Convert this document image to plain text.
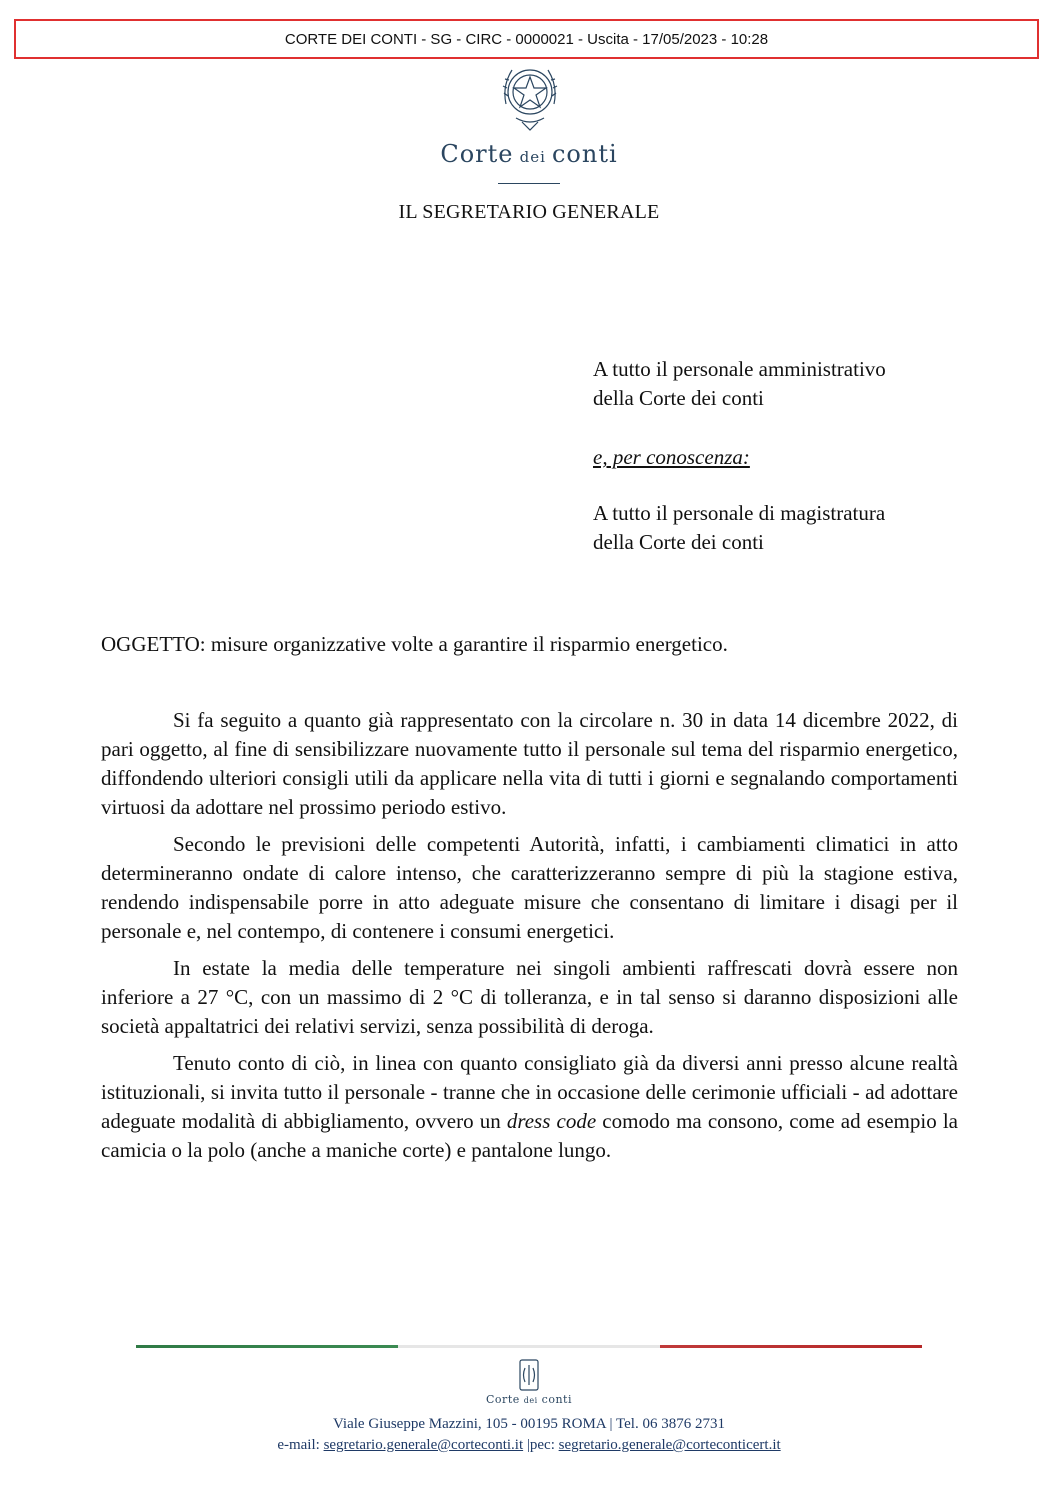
CORTE DEI CONTI - SG - CIRC - 0000021 - Uscita - 17/05/2023 - 10:28
Corte dei conti
IL SEGRETARIO GENERALE
A tutto il personale amministrativo
della Corte dei conti
e, per conoscenza:
A tutto il personale di magistratura
della Corte dei conti
OGGETTO: misure organizzative volte a garantire il risparmio energetico.

Si fa seguito a quanto già rappresentato con la circolare n. 30 in data 14 dicembre 2022, di pari oggetto, al fine di sensibilizzare nuovamente tutto il personale sul tema del risparmio energetico, diffondendo ulteriori consigli utili da applicare nella vita di tutti i giorni e segnalando comportamenti virtuosi da adottare nel prossimo periodo estivo.

Secondo le previsioni delle competenti Autorità, infatti, i cambiamenti climatici in atto determineranno ondate di calore intenso, che caratterizzeranno sempre di più la stagione estiva, rendendo indispensabile porre in atto adeguate misure che consentano di limitare i disagi per il personale e, nel contempo, di contenere i consumi energetici.

In estate la media delle temperature nei singoli ambienti raffrescati dovrà essere non inferiore a 27 °C, con un massimo di 2 °C di tolleranza, e in tal senso si daranno disposizioni alle società appaltatrici dei relativi servizi, senza possibilità di deroga.

Tenuto conto di ciò, in linea con quanto consigliato già da diversi anni presso alcune realtà istituzionali, si invita tutto il personale - tranne che in occasione delle cerimonie ufficiali - ad adottare adeguate modalità di abbigliamento, ovvero un dress code comodo ma consono, come ad esempio la camicia o la polo (anche a maniche corte) e pantalone lungo.

Corte dei conti
Viale Giuseppe Mazzini, 105 - 00195 ROMA | Tel. 06 3876 2731
e-mail: segretario.generale@corteconti.it |pec: segretario.generale@corteconticert.it
